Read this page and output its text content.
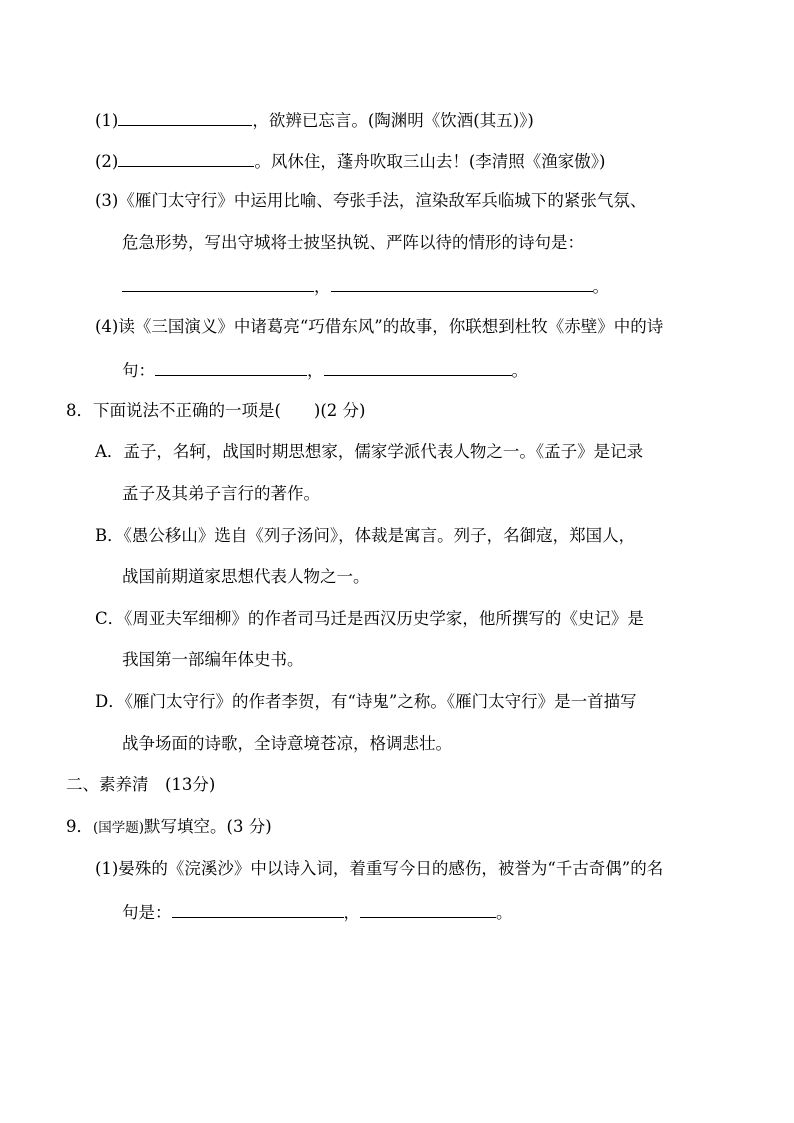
(1)	，欲辨已忘言。(陶渊明《饮酒(其五)》)
(2)	。风休住，蓬舟吹取三山去！(李清照《渔家傲》)
(3)《雁门太守行》中运用比喻、夸张手法，渲染敌军兵临城下的紧张气氛、
危急形势，写出守城将士披坚执锐、严阵以待的情形的诗句是：
，	。
(4)读《三国演义》中诸葛亮“巧借东风”的故事，你联想到杜牧《赤壁》中的诗
句：	，	。
8．下面说法不正确的一项是(　　)(2 分)
A．孟子，名轲，战国时期思想家，儒家学派代表人物之一。《孟子》是记录
孟子及其弟子言行的著作。
B．《愚公移山》选自《列子汤问》，体裁是寓言。列子，名御寇，郑国人，
战国前期道家思想代表人物之一。
C．《周亚夫军细柳》的作者司马迁是西汉历史学家，他所撰写的《史记》是
我国第一部编年体史书。
D．《雁门太守行》的作者李贺，有“诗鬼”之称。《雁门太守行》是一首描写
战争场面的诗歌，全诗意境苍凉，格调悲壮。
二、素养清　 (13分)
9．(国学题)默写填空。(3 分)
(1)晏殊的《浣溪沙》中以诗入词，着重写今日的感伤，被誉为“千古奇偶”的名
句是：	，	。
